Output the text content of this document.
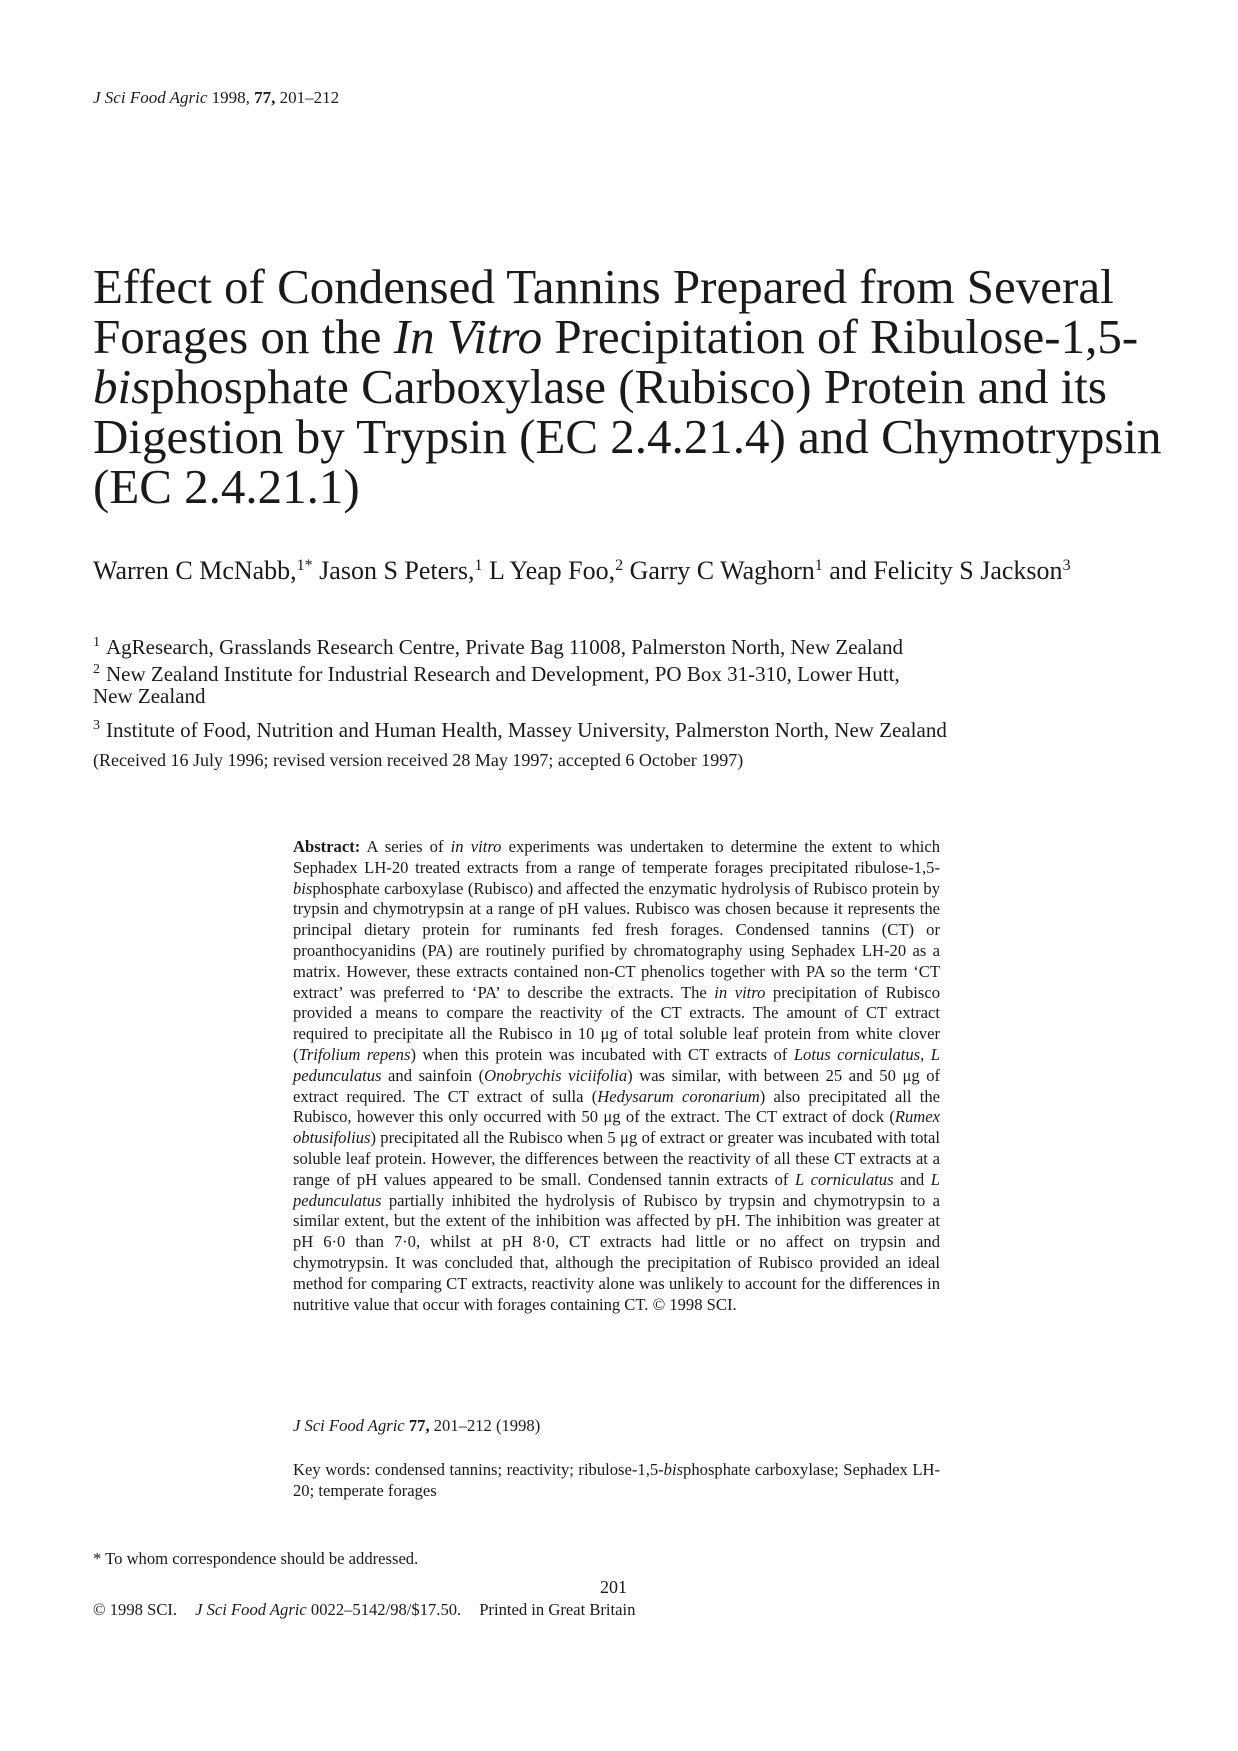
J Sci Food Agric 1998, 77, 201–212
Effect of Condensed Tannins Prepared from Several Forages on the In Vitro Precipitation of Ribulose-1,5-bisphosphate Carboxylase (Rubisco) Protein and its Digestion by Trypsin (EC 2.4.21.4) and Chymotrypsin (EC 2.4.21.1)
Warren C McNabb,$^{1*}$ Jason S Peters,$^1$ L Yeap Foo,$^2$ Garry C Waghorn$^1$ and Felicity S Jackson$^3$
$^1$ AgResearch, Grasslands Research Centre, Private Bag 11008, Palmerston North, New Zealand
$^2$ New Zealand Institute for Industrial Research and Development, PO Box 31-310, Lower Hutt,
New Zealand
$^3$ Institute of Food, Nutrition and Human Health, Massey University, Palmerston North, New Zealand
(Received 16 July 1996; revised version received 28 May 1997; accepted 6 October 1997)

Abstract: A series of in vitro experiments was undertaken to determine the extent to which Sephadex LH-20 treated extracts from a range of temperate forages precipitated ribulose-1,5-bisphosphate carboxylase (Rubisco) and affected the enzymatic hydrolysis of Rubisco protein by trypsin and chymotrypsin at a range of pH values. Rubisco was chosen because it represents the principal dietary protein for ruminants fed fresh forages. Condensed tannins (CT) or proanthocyanidins (PA) are routinely purified by chromatography using Sephadex LH-20 as a matrix. However, these extracts contained non-CT phenolics together with PA so the term ‘CT extract’ was preferred to ‘PA’ to describe the extracts. The in vitro precipitation of Rubisco provided a means to compare the reactivity of the CT extracts. The amount of CT extract required to precipitate all the Rubisco in 10 μg of total soluble leaf protein from white clover (Trifolium repens) when this protein was incubated with CT extracts of Lotus corniculatus, L pedunculatus and sainfoin (Onobrychis viciifolia) was similar, with between 25 and 50 μg of extract required. The CT extract of sulla (Hedysarum coronarium) also precipitated all the Rubisco, however this only occurred with 50 μg of the extract. The CT extract of dock (Rumex obtusifolius) precipitated all the Rubisco when 5 μg of extract or greater was incubated with total soluble leaf protein. However, the differences between the reactivity of all these CT extracts at a range of pH values appeared to be small. Condensed tannin extracts of L corniculatus and L pedunculatus partially inhibited the hydrolysis of Rubisco by trypsin and chymotrypsin to a similar extent, but the extent of the inhibition was affected by pH. The inhibition was greater at pH 6·0 than 7·0, whilst at pH 8·0, CT extracts had little or no affect on trypsin and chymotrypsin. It was concluded that, although the precipitation of Rubisco provided an ideal method for comparing CT extracts, reactivity alone was unlikely to account for the differences in nutritive value that occur with forages containing CT. © 1998 SCI.

J Sci Food Agric 77, 201–212 (1998)
Key words: condensed tannins; reactivity; ribulose-1,5-bisphosphate carboxylase; Sephadex LH-20; temperate forages
* To whom correspondence should be addressed.
201
© 1998 SCI. J Sci Food Agric 0022–5142/98/$17.50. Printed in Great Britain
